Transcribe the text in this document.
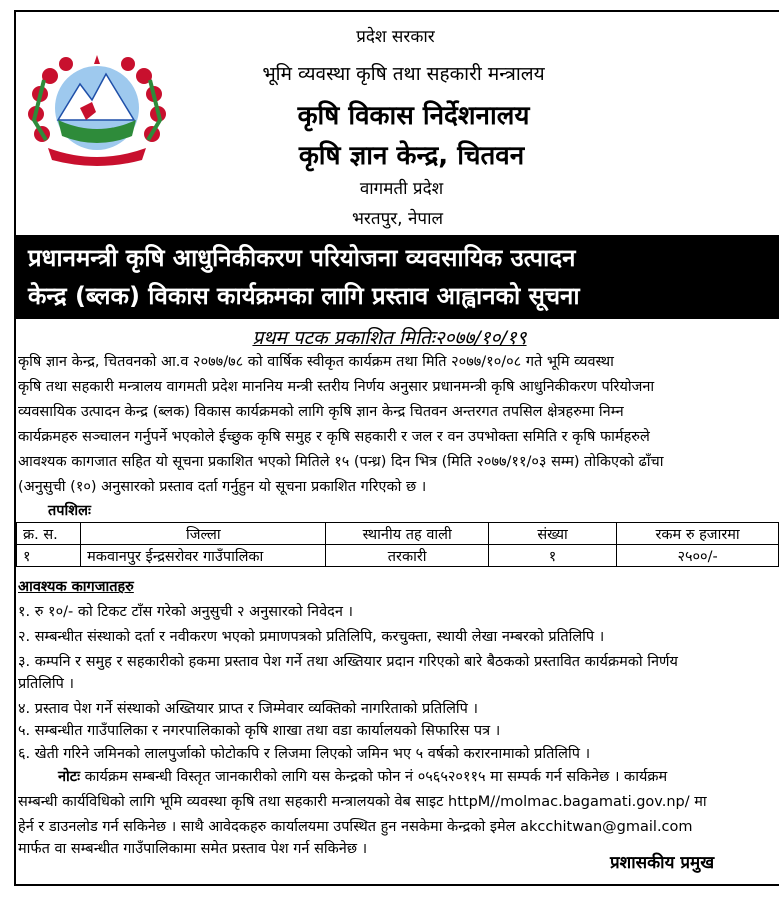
प्रदेश सरकार
भूमि व्यवस्था कृषि तथा सहकारी मन्त्रालय
कृषि विकास निर्देशनालय
कृषि ज्ञान केन्द्र, चितवन
वागमती प्रदेश
भरतपुर, नेपाल
प्रधानमन्त्री कृषि आधुनिकीकरण परियोजना व्यवसायिक उत्पादन
केन्द्र (ब्लक) विकास कार्यक्रमका लागि प्रस्ताव आह्वानको सूचना
प्रथम पटक प्रकाशित मितिः२०७७/१०/१९
कृषि ज्ञान केन्द्र, चितवनको आ.व २०७७/७८ को वार्षिक स्वीकृत कार्यक्रम तथा मिति २०७७/१०/०८ गते भूमि व्यवस्था
कृषि तथा सहकारी मन्त्रालय वागमती प्रदेश माननिय मन्त्री स्तरीय निर्णय अनुसार प्रधानमन्त्री कृषि आधुनिकीकरण परियोजना
व्यवसायिक उत्पादन केन्द्र (ब्लक) विकास कार्यक्रमको लागि कृषि ज्ञान केन्द्र चितवन अन्तरगत तपसिल क्षेत्रहरुमा निम्न
कार्यक्रमहरु सञ्चालन गर्नुपर्ने भएकोले ईच्छुक कृषि समुह र कृषि सहकारी र जल र वन उपभोक्ता समिति र कृषि फार्महरुले
आवश्यक कागजात सहित यो सूचना प्रकाशित भएको मितिले १५ (पन्ध्र) दिन भित्र (मिति २०७७/११/०३ सम्म) तोकिएको ढाँचा
(अनुसुची (१०) अनुसारको प्रस्ताव दर्ता गर्नुहुन यो सूचना प्रकाशित गरिएको छ ।
तपशिलः
क्र. स.	जिल्ला	स्थानीय तह वाली	संख्या	रकम रु हजारमा
१	मकवानपुर ईन्द्रसरोवर गाउँपालिका	तरकारी	१	२५००/-
आवश्यक कागजातहरु
१. रु १०/- को टिकट टाँस गरेको अनुसुची २ अनुसारको निवेदन ।
२. सम्बन्धीत संस्थाको दर्ता र नवीकरण भएको प्रमाणपत्रको प्रतिलिपि, करचुक्ता, स्थायी लेखा नम्बरको प्रतिलिपि ।
३. कम्पनि र समुह र सहकारीको हकमा प्रस्ताव पेश गर्ने तथा अख्तियार प्रदान गरिएको बारे बैठकको प्रस्तावित कार्यक्रमको निर्णय
प्रतिलिपि ।
४. प्रस्ताव पेश गर्ने संस्थाको अख्तियार प्राप्त र जिम्मेवार व्यक्तिको नागरिताको प्रतिलिपि ।
५. सम्बन्धीत गाउँपालिका र नगरपालिकाको कृषि शाखा तथा वडा कार्यालयको सिफारिस पत्र ।
६. खेती गरिने जमिनको लालपुर्जाको फोटोकपि र लिजमा लिएको जमिन भए ५ वर्षको करारनामाको प्रतिलिपि ।
नोटः कार्यक्रम सम्बन्धी विस्तृत जानकारीको लागि यस केन्द्रको फोन नं ०५६५२०११५ मा सम्पर्क गर्न सकिनेछ । कार्यक्रम
सम्बन्धी कार्यविधिको लागि भूमि व्यवस्था कृषि तथा सहकारी मन्त्रालयको वेब साइट httpM//molmac.bagamati.gov.np/ मा
हेर्न र डाउनलोड गर्न सकिनेछ । साथै आवेदकहरु कार्यालयमा उपस्थित हुन नसकेमा केन्द्रको इमेल akcchitwan@gmail.com
मार्फत वा सम्बन्धीत गाउँपालिकामा समेत प्रस्ताव पेश गर्न सकिनेछ ।
प्रशासकीय प्रमुख
